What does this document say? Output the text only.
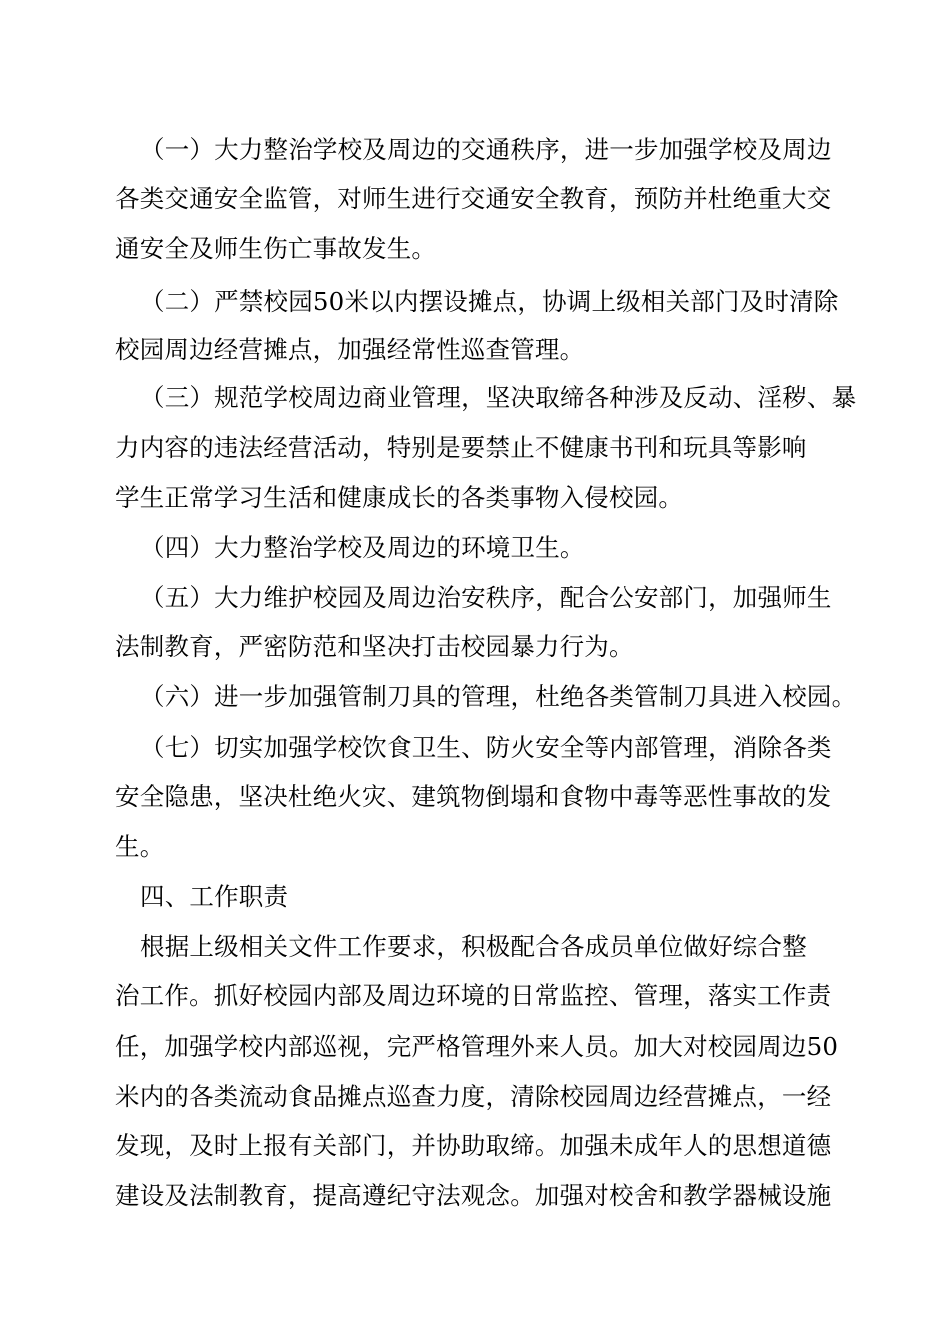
（一）大力整治学校及周边的交通秩序，进一步加强学校及周边
各类交通安全监管，对师生进行交通安全教育，预防并杜绝重大交
通安全及师生伤亡事故发生。
（二）严禁校园50米以内摆设摊点，协调上级相关部门及时清除
校园周边经营摊点，加强经常性巡查管理。
（三）规范学校周边商业管理，坚决取缔各种涉及反动、淫秽、暴
力内容的违法经营活动，特别是要禁止不健康书刊和玩具等影响
学生正常学习生活和健康成长的各类事物入侵校园。
（四）大力整治学校及周边的环境卫生。
（五）大力维护校园及周边治安秩序，配合公安部门，加强师生
法制教育，严密防范和坚决打击校园暴力行为。
（六）进一步加强管制刀具的管理，杜绝各类管制刀具进入校园。
（七）切实加强学校饮食卫生、防火安全等内部管理，消除各类
安全隐患，坚决杜绝火灾、建筑物倒塌和食物中毒等恶性事故的发
生。
四、工作职责
根据上级相关文件工作要求，积极配合各成员单位做好综合整
治工作。抓好校园内部及周边环境的日常监控、管理，落实工作责
任，加强学校内部巡视，完严格管理外来人员。加大对校园周边50
米内的各类流动食品摊点巡查力度，清除校园周边经营摊点，一经
发现，及时上报有关部门，并协助取缔。加强未成年人的思想道德
建设及法制教育，提高遵纪守法观念。加强对校舍和教学器械设施
